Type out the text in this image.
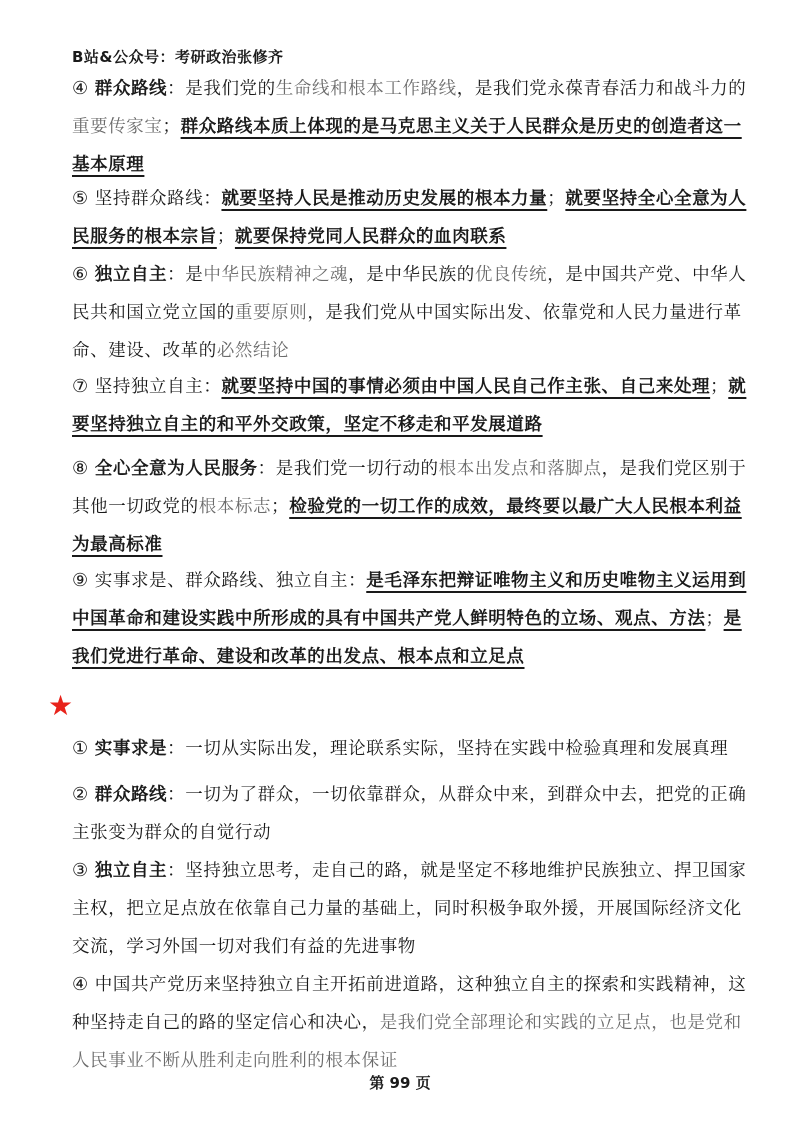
B站&公众号：考研政治张修齐
④ 群众路线：是我们党的生命线和根本工作路线，是我们党永葆青春活力和战斗力的重要传家宝；群众路线本质上体现的是马克思主义关于人民群众是历史的创造者这一基本原理
⑤ 坚持群众路线：就要坚持人民是推动历史发展的根本力量；就要坚持全心全意为人民服务的根本宗旨；就要保持党同人民群众的血肉联系
⑥ 独立自主：是中华民族精神之魂，是中华民族的优良传统，是中国共产党、中华人民共和国立党立国的重要原则，是我们党从中国实际出发、依靠党和人民力量进行革命、建设、改革的必然结论
⑦ 坚持独立自主：就要坚持中国的事情必须由中国人民自己作主张、自己来处理；就要坚持独立自主的和平外交政策，坚定不移走和平发展道路
⑧ 全心全意为人民服务：是我们党一切行动的根本出发点和落脚点，是我们党区别于其他一切政党的根本标志；检验党的一切工作的成效，最终要以最广大人民根本利益为最高标准
⑨ 实事求是、群众路线、独立自主：是毛泽东把辩证唯物主义和历史唯物主义运用到中国革命和建设实践中所形成的具有中国共产党人鲜明特色的立场、观点、方法；是我们党进行革命、建设和改革的出发点、根本点和立足点
★
① 实事求是：一切从实际出发，理论联系实际，坚持在实践中检验真理和发展真理
② 群众路线：一切为了群众，一切依靠群众，从群众中来，到群众中去，把党的正确主张变为群众的自觉行动
③ 独立自主：坚持独立思考，走自己的路，就是坚定不移地维护民族独立、捍卫国家主权，把立足点放在依靠自己力量的基础上，同时积极争取外援，开展国际经济文化交流，学习外国一切对我们有益的先进事物
④ 中国共产党历来坚持独立自主开拓前进道路，这种独立自主的探索和实践精神，这种坚持走自己的路的坚定信心和决心，是我们党全部理论和实践的立足点，也是党和人民事业不断从胜利走向胜利的根本保证
第 99 页
